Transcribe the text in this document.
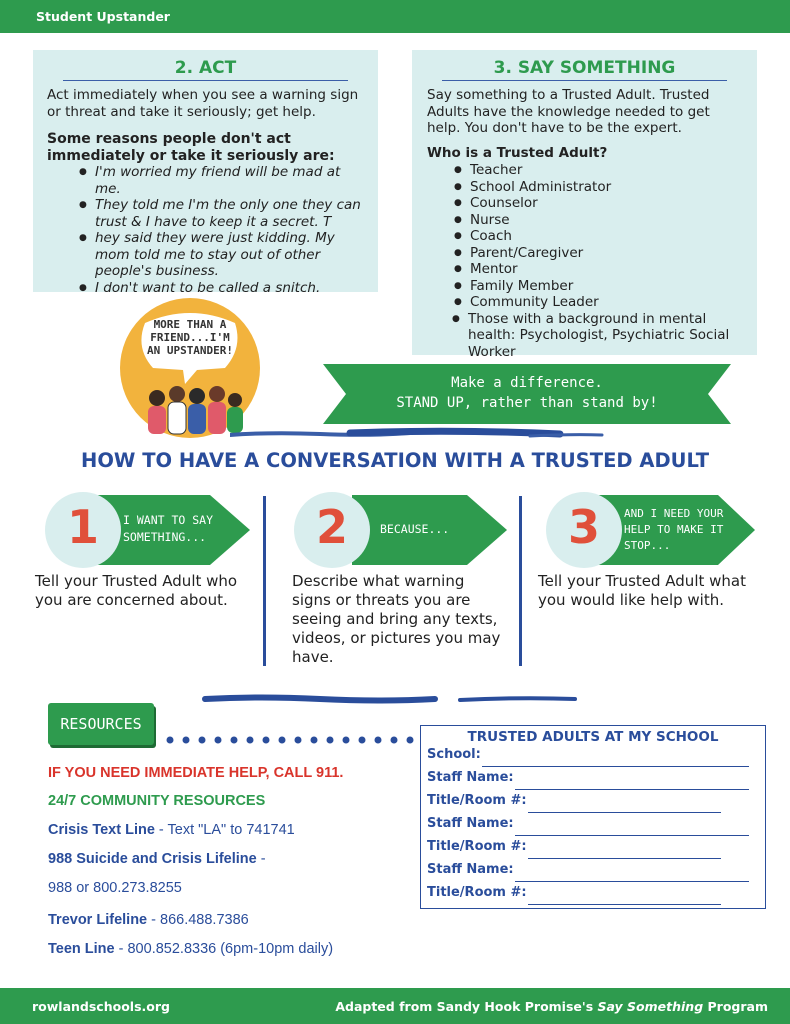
Student Upstander
2. ACT
Act immediately when you see a warning sign or threat and take it seriously; get help.
Some reasons people don't act immediately or take it seriously are:
● I'm worried my friend will be mad at me.
● They told me I'm the only one they can trust & I have to keep it a secret. T
● hey said they were just kidding. My mom told me to stay out of other people's business.
● I don't want to be called a snitch.
3. SAY SOMETHING
Say something to a Trusted Adult. Trusted Adults have the knowledge needed to get help. You don't have to be the expert.
Who is a Trusted Adult?
● Teacher
● School Administrator
● Counselor
● Nurse
● Coach
● Parent/Caregiver
● Mentor
● Family Member
● Community Leader
● Those with a background in mental health: Psychologist, Psychiatric Social Worker
MORE THAN A FRIEND...I'M AN UPSTANDER!
Make a difference.
STAND UP, rather than stand by!
HOW TO HAVE A CONVERSATION WITH A TRUSTED ADULT
1	I WANT TO SAY SOMETHING...
Tell your Trusted Adult who you are concerned about.
2	BECAUSE...
Describe what warning signs or threats you are seeing and bring any texts, videos, or pictures you may have.
3	AND I NEED YOUR HELP TO MAKE IT STOP...
Tell your Trusted Adult what you would like help with.
RESOURCES
IF YOU NEED IMMEDIATE HELP, CALL 911.
24/7 COMMUNITY RESOURCES
Crisis Text Line - Text "LA" to 741741
988 Suicide and Crisis Lifeline -
988 or 800.273.8255
Trevor Lifeline - 866.488.7386
Teen Line - 800.852.8336 (6pm-10pm daily)
TRUSTED ADULTS AT MY SCHOOL
School:
Staff Name:
Title/Room #:
Staff Name:
Title/Room #:
Staff Name:
Title/Room #:
rowlandschools.org	Adapted from Sandy Hook Promise's Say Something Program
